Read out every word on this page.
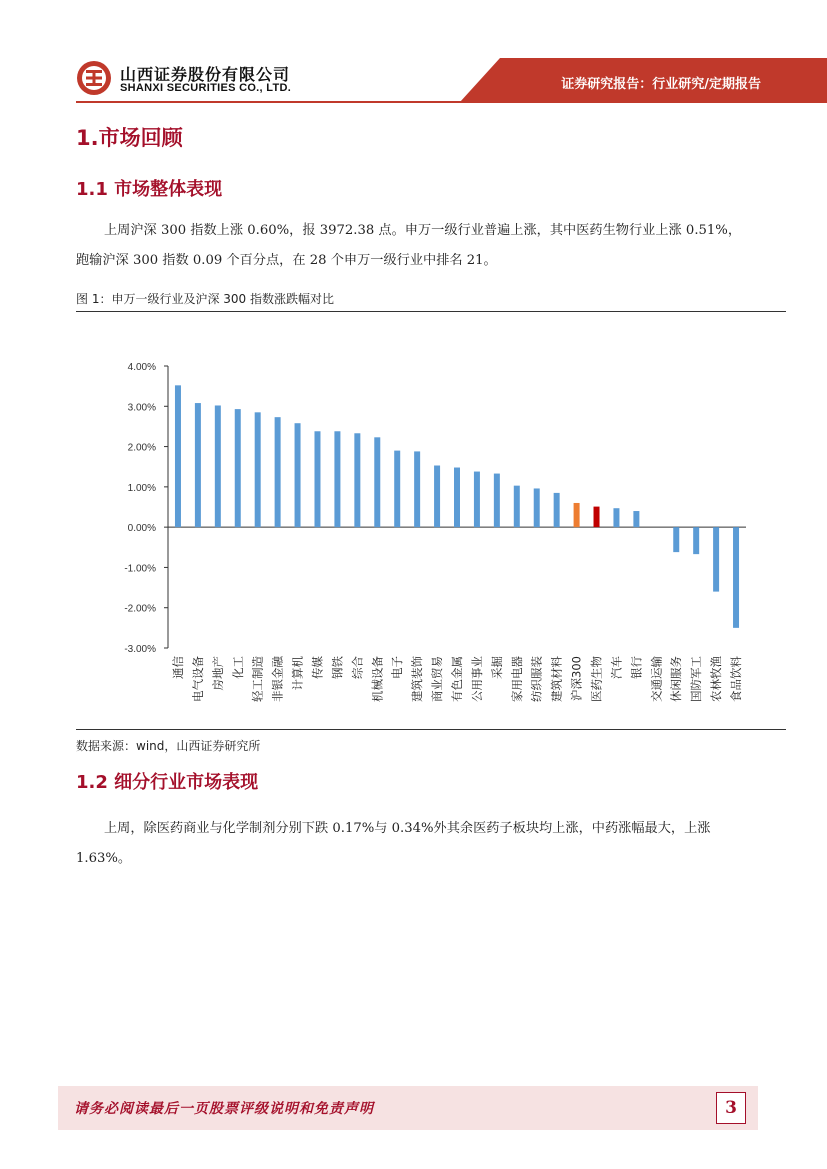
山西证券股份有限公司
SHANXI SECURITIES CO., LTD.	证券研究报告：行业研究/定期报告
1.市场回顾
1.1 市场整体表现
上周沪深 300 指数上涨 0.60%，报 3972.38 点。申万一级行业普遍上涨，其中医药生物行业上涨 0.51%，
跑输沪深 300 指数 0.09 个百分点，在 28 个申万一级行业中排名 21。
图 1：申万一级行业及沪深 300 指数涨跌幅对比
4.00%
3.00%
2.00%
1.00%
0.00%
-1.00%
-2.00%
-3.00%
通信 电气设备 房地产 化工 轻工制造 非银金融 计算机 传媒 钢铁 综合 机械设备 电子 建筑装饰 商业贸易 有色金属 公用事业 采掘 家用电器 纺织服装 建筑材料 沪深300 医药生物 汽车 银行 交通运输 休闲服务 国防军工 农林牧渔 食品饮料
数据来源：wind，山西证券研究所
1.2 细分行业市场表现
上周，除医药商业与化学制剂分别下跌 0.17%与 0.34%外其余医药子板块均上涨，中药涨幅最大，上涨
1.63%。
请务必阅读最后一页股票评级说明和免责声明	3
